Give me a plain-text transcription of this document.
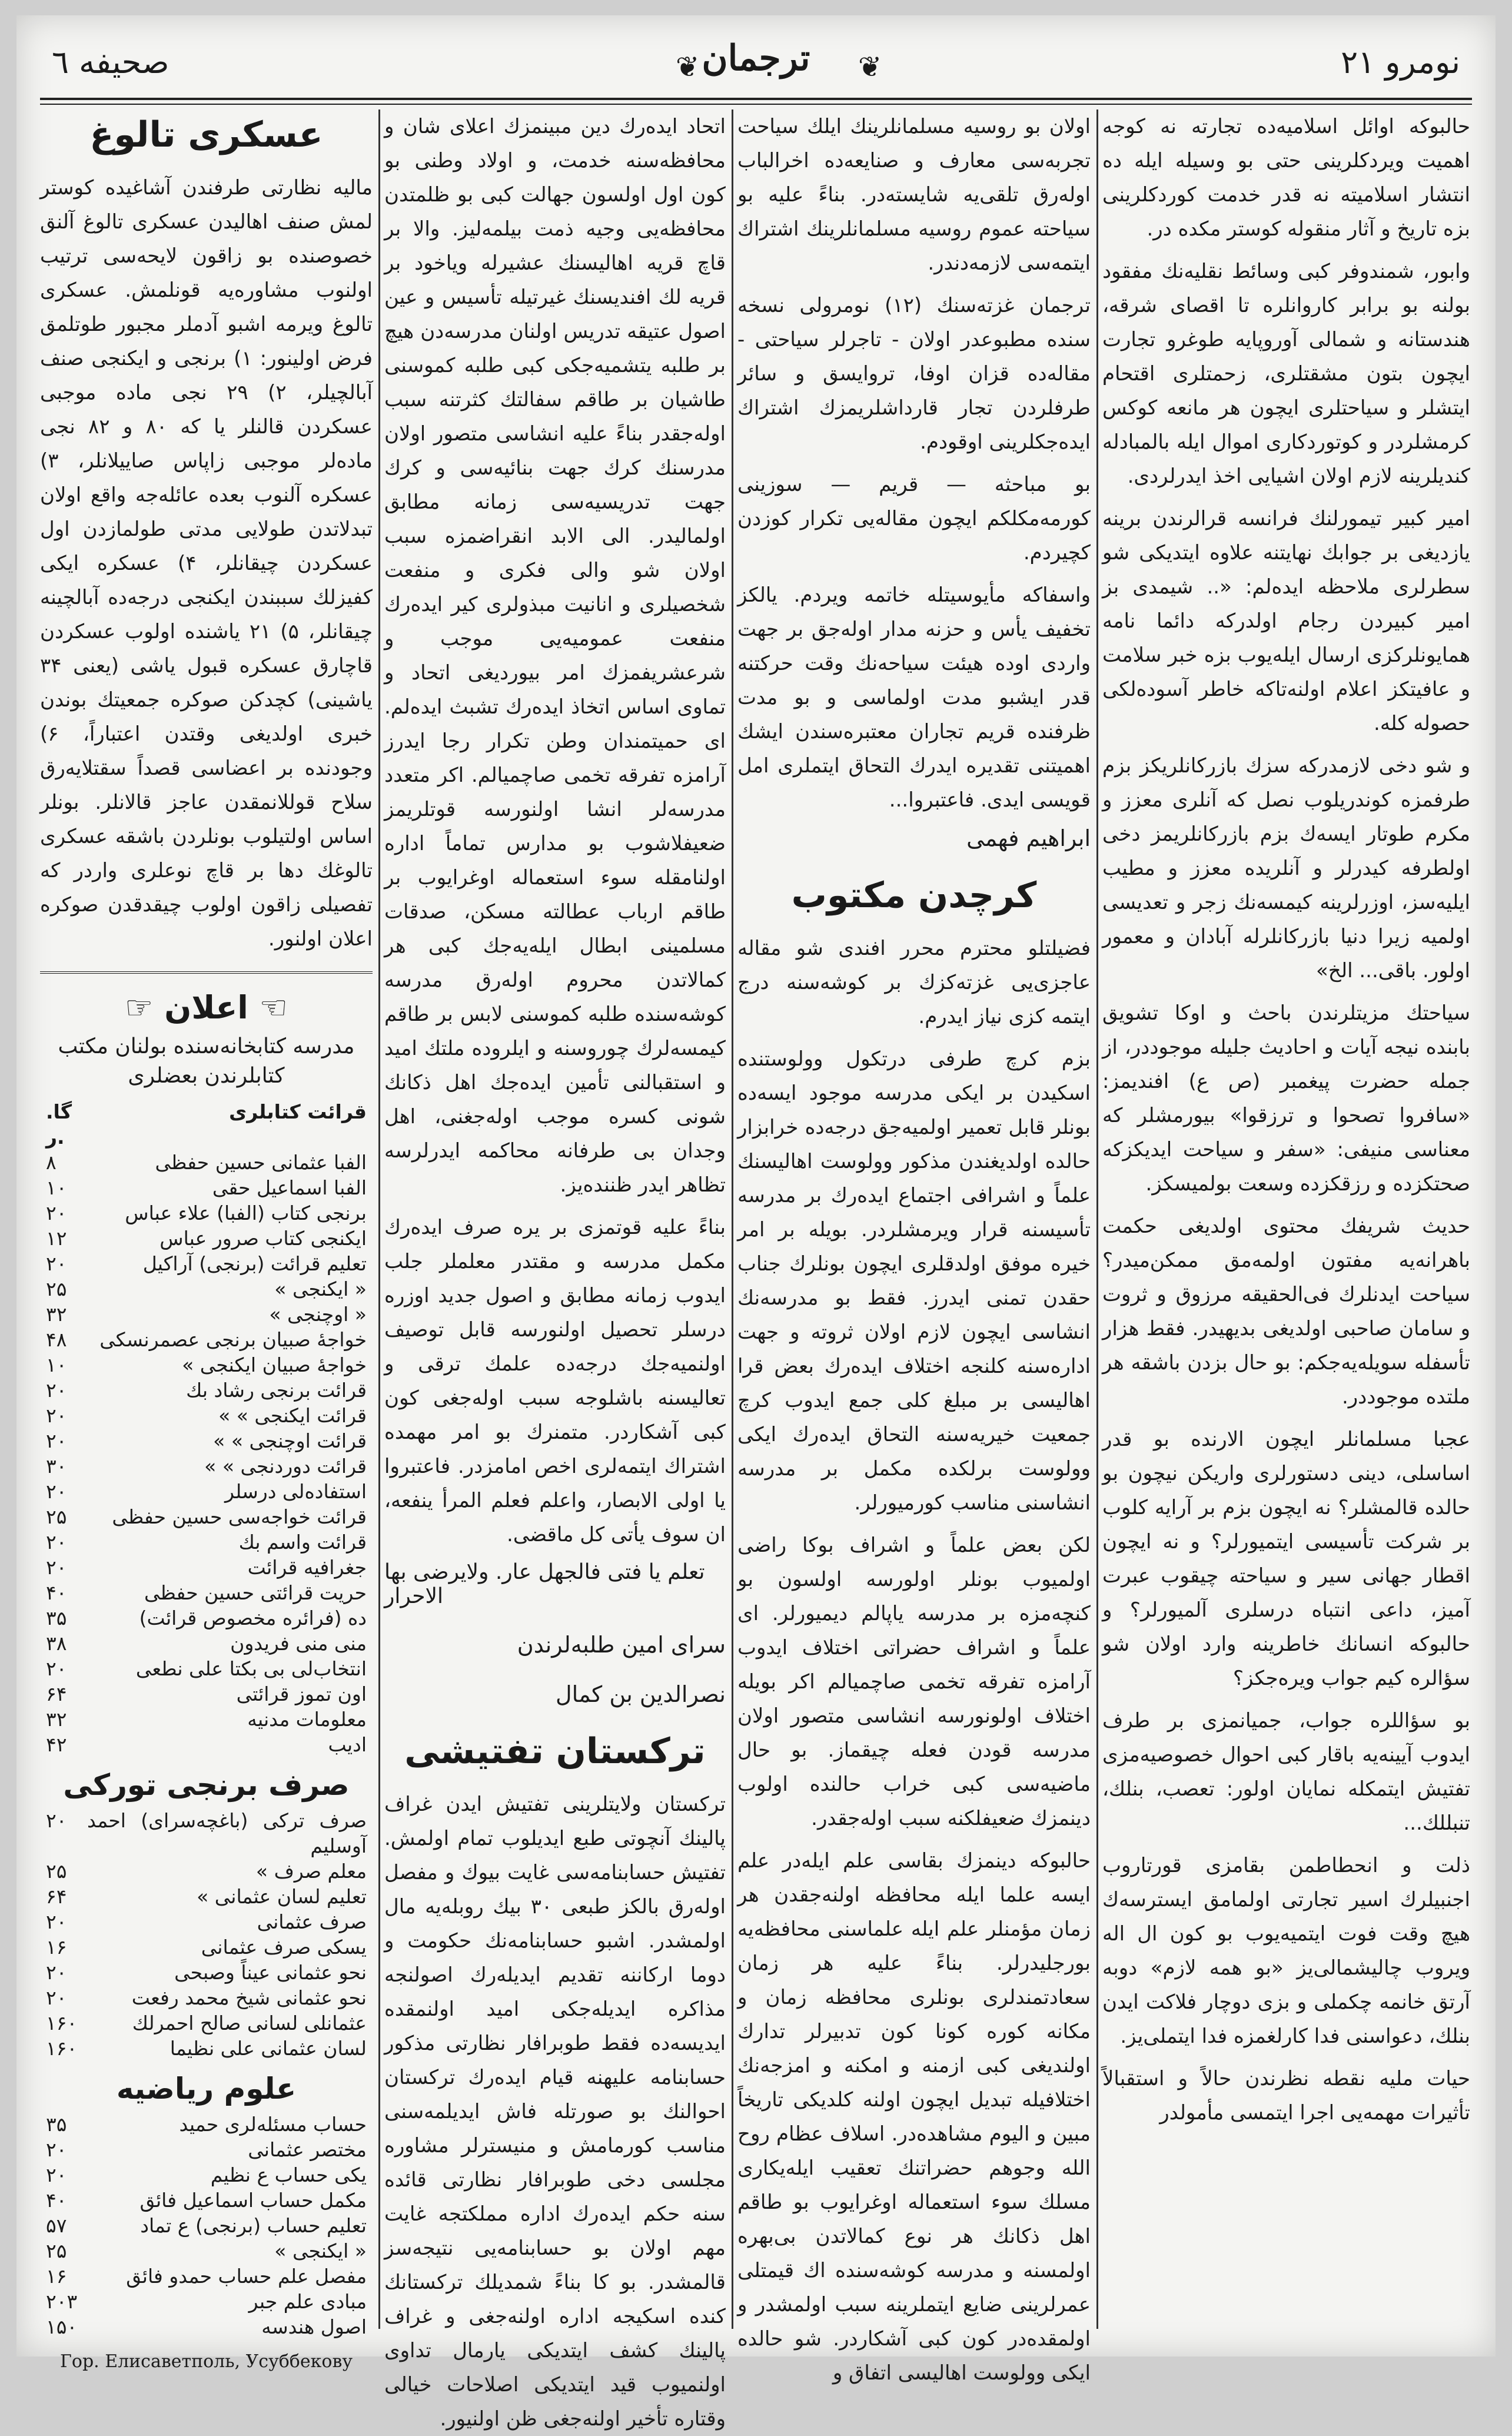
نومرو ۲۱
❦ ترجمان ❦
صحیفه ٦

حالبوکه اوائل اسلامیه‌ده تجارته نه کوجه اهمیت ویردکلرینی حتی بو وسیله ایله ده انتشار اسلامیته نه قدر خدمت کوردکلرینی بزه تاریخ و آثار منقوله کوستر مکده در.

وابور، شمندوفر کبی وسائط نقلیه‌نك مفقود بولنه بو برابر کاروانلره تا اقصای شرقه، هندستانه و شمالی آوروپایه طوغرو تجارت ایچون بتون مشقتلری، زحمتلری اقتحام ایتشلر و سیاحتلری ایچون هر مانعه کوکس کرمشلردر و کوتوردکاری اموال ایله بالمبادله کندیلرینه لازم اولان اشیایی اخذ ایدرلردی.

امیر کبیر تیمورلنك فرانسه قرالرندن برینه یازدیغی بر جوابك نهایتنه علاوه ایتدیکی شو سطرلری ملاحظه ایده‌لم: «.. شیمدی بز امیر کبیردن رجام اولدرکه دائما نامه همایونلرکزی ارسال ایله‌یوب بزه خبر سلامت و عافیتکز اعلام اولنه‌تاکه خاطر آسوده‌لکی حصوله کله.

و شو دخی لازمدرکه سزك بازرکانلریکز بزم طرفمزه کوندریلوب نصل که آنلری معزز و مکرم طوتار ایسه‌ك بزم بازرکانلریمز دخی اولطرفه کیدرلر و آنلریده معزز و مطیب ایلیه‌سز، اوزرلرینه کیمسه‌نك زجر و تعدیسی اولمیه زیرا دنیا بازرکانلرله آبادان و معمور اولور. باقی... الخ»

سیاحتك مزیتلرندن باحث و اوکا تشویق بابنده نیجه آیات و احادیث جلیله موجوددر، از جمله حضرت پیغمبر (ص ع) افندیمز: «سافروا تصحوا و ترزقوا» بیورمشلر که معناسی منیفی: «سفر و سیاحت ایدیکزکه صحتکزده و رزقکزده وسعت بولمیسکز.

حدیث شریفك محتوی اولدیغی حکمت باهرانه‌یه مفتون اولمه‌مق ممکن‌میدر؟ سیاحت ایدنلرك فی‌الحقیقه مرزوق و ثروت و سامان صاحبی اولدیغی بدیهیدر. فقط هزار تأسفله سویله‌یه‌جکم: بو حال بزدن باشقه هر ملتده موجوددر.

عجبا مسلمانلر ایچون الارنده بو قدر اساسلی، دینی دستورلری واریکن نیچون بو حالده قالمشلر؟ نه ایچون بزم بر آرایه کلوب بر شرکت تأسیسی ایتمیورلر؟ و نه ایچون اقطار جهانی سیر و سیاحته چیقوب عبرت آمیز، داعی انتباه درسلری آلمیورلر؟ و حالبوکه انسانك خاطرینه وارد اولان شو سؤالره کیم جواب ویره‌جکز؟

بو سؤاللره جواب، جمیانمزی بر طرف ایدوب آیینه‌یه باقار کبی احوال خصوصیه‌مزی تفتیش ایتمکله نمایان اولور: تعصب، بنلك، تنبللك...

ذلت و انحطاطمن بقامزی قورتاروب اجنبیلرك اسیر تجارتی اولمامق ایسترسه‌ك هیچ وقت فوت ایتمیه‌یوب بو کون ال اله ویروب چالیشمالی‌یز «بو همه لازم» دوبه آرتق خانمه چکملی و بزی دوچار فلاکت ایدن بنلك، دعواسنی فدا کارلغمزه فدا ایتملی‌یز.

حیات ملیه نقطه نظرندن حالاً و استقبالاً تأثیرات مهمه‌یی اجرا ایتمسی مأمولدر

اولان بو روسیه مسلمانلرینك ایلك سیاحت تجربه‌سی معارف و صنایعه‌ده اخرالباب اوله‌رق تلقی‌یه شایسته‌در. بناءً علیه بو سیاحته عموم روسیه مسلمانلرینك اشتراك ایتمه‌سی لازمه‌دندر.

ترجمان غزته‌سنك (۱۲) نومرولی نسخه سنده مطبوعدر اولان - تاجرلر سیاحتی - مقاله‌ده قزان اوفا، تروایسق و سائر طرفلردن تجار قارداشلریمزك اشتراك ایده‌جکلرینی اوقودم.

بو مباحثه — قریم — سوزینی کورمه‌مکلکم ایچون مقاله‌یی تکرار کوزدن کچیردم.

واسفاکه مأیوسیتله خاتمه ویردم. یالکز تخفیف یأس و حزنه مدار اوله‌جق بر جهت واردی اوده هیئت سیاحه‌نك وقت حرکتنه قدر ایشبو مدت اولماسی و بو مدت ظرفنده قریم تجاران معتبره‌سندن ایشك اهمیتنی تقدیره ایدرك التحاق ایتملری امل قویسی ایدی. فاعتبروا...

ابراهیم فهمی
کرچدن مکتوب

فضیلتلو محترم محرر افندی شو مقاله عاجزی‌یی غزته‌کزك بر کوشه‌سنه درج ایتمه کزی نیاز ایدرم.

بزم کرچ طرفی درتکول وولوستنده اسکیدن بر ایکی مدرسه موجود ایسه‌ده بونلر قابل تعمیر اولمیه‌جق درجه‌ده خرابزار حالده اولدیغندن مذکور وولوست اهالیسنك علماً و اشرافی اجتماع ایده‌رك بر مدرسه تأسیسنه قرار ویرمشلردر. بویله بر امر خیره موفق اولدقلری ایچون بونلرك جناب حقدن تمنی ایدرز. فقط بو مدرسه‌نك انشاسی ایچون لازم اولان ثروته و جهت اداره‌سنه کلنجه اختلاف ایده‌رك بعض قرا اهالیسی بر مبلغ کلی جمع ایدوب کرچ جمعیت خیریه‌سنه التحاق ایده‌رك ایکی وولوست برلکده مکمل بر مدرسه انشاسنی مناسب کورمیورلر.

لکن بعض علماً و اشراف بوکا راضی اولمیوب بونلر اولورسه اولسون بو کنچه‌مزه بر مدرسه یاپالم دیمیورلر. ای علماً و اشراف حضراتی اختلاف ایدوب آرامزه تفرقه تخمی صاچمیالم اکر بویله اختلاف اولونورسه انشاسی متصور اولان مدرسه قودن فعله چیقماز. بو حال ماضیه‌سی کبی خراب حالنده اولوب دینمزك ضعیفلکنه سبب اوله‌جقدر.

حالبوکه دینمزك بقاسی علم ایله‌در علم ایسه علما ایله محافظه اولنه‌جقدن هر زمان مؤمنلر علم ایله علماسنی محافظه‌یه بورجلیدرلر. بناءً علیه هر زمان سعادتمندلری بونلری محافظه زمان و مکانه کوره کونا کون تدبیرلر تدارك اولندیغی کبی ازمنه و امکنه و امزجه‌نك اختلافیله تبدیل ایچون اولنه کلدیکی تاریخاً مبین و الیوم مشاهده‌در. اسلاف عظام روح الله وجوهم حضراتنك تعقیب ایله‌یکاری مسلك سوء استعماله اوغرایوب بو طاقم اهل ذکانك هر نوع کمالاتدن بی‌بهره اولمسنه و مدرسه کوشه‌سنده اك قیمتلی عمرلرینی ضایع ایتملرینه سبب اولمشدر و اولمقده‌در کون کبی آشکاردر. شو حالده ایکی وولوست اهالیسی اتفاق و

اتحاد ایده‌رك دین مبینمزك اعلای شان و محافظه‌سنه خدمت، و اولاد وطنی بو کون اول اولسون جهالت کبی بو ظلمتدن محافظه‌یی وجیه ذمت بیلمه‌لیز. والا بر قاچ قریه اهالیسنك عشیرله ویاخود بر قریه لك افندیسنك غیرتیله تأسیس و عین اصول عتیقه تدریس اولنان مدرسه‌دن هیچ بر طلبه یتشمیه‌جکی کبی طلبه کموسنی طاشیان بر طاقم سفالتك کثرتنه سبب اوله‌جقدر بناءً علیه انشاسی متصور اولان مدرسنك کرك جهت بنائیه‌سی و کرك جهت تدریسیه‌سی زمانه مطابق اولمالیدر. الی الابد انقراضمزه سبب اولان شو والی فکری و منفعت شخصیلری و انانیت مبذولری کیر ایده‌رك منفعت عمومیه‌یی موجب و شرعشریفمزك امر بیوردیغی اتحاد و تماوی اساس اتخاذ ایده‌رك تشبث ایده‌لم. ای حمیتمندان وطن تکرار رجا ایدرز آرامزه تفرقه تخمی صاچمیالم. اکر متعدد مدرسه‌لر انشا اولنورسه قوتلریمز ضعیفلاشوب بو مدارس تماماً اداره اولنامقله سوء استعماله اوغرایوب بر طاقم ارباب عطالته مسکن، صدقات مسلمینی ابطال ایله‌یه‌جك کبی هر کمالاتدن محروم اوله‌رق مدرسه کوشه‌سنده طلبه کموسنی لابس بر طاقم کیمسه‌لرك چوروسنه و ایلروده ملتك امید و استقبالنی تأمین ایده‌جك اهل ذکانك شونی کسره موجب اوله‌جغنی، اهل وجدان بی طرفانه محاکمه ایدرلرسه تظاهر ایدر ظننده‌یز.

بناءً علیه قوتمزی بر یره صرف ایده‌رك مکمل مدرسه و مقتدر معلملر جلب ایدوب زمانه مطابق و اصول جدید اوزره درسلر تحصیل اولنورسه قابل توصیف اولنمیه‌جك درجه‌ده علمك ترقی و تعالیسنه باشلوجه سبب اوله‌جغی کون کبی آشکاردر. متمنرك بو امر مهمده اشتراك ایتمه‌لری اخص امامزدر. فاعتبروا یا اولی الابصار، واعلم فعلم المرأ ینفعه، ان سوف یأتی کل ماقضی.

تعلم یا فتی فالجهل عار. ولایرضی بها الاحرار
سرای امین طلبه‌لرندن
نصرالدین بن کمال
ترکستان تفتیشی

ترکستان ولایتلرینی تفتیش ایدن غراف پالینك آنچوتی طبع ایدیلوب تمام اولمش. تفتیش حسابنامه‌سی غایت بیوك و مفصل اوله‌رق بالکز طبعی ۳۰ بیك روبله‌یه مال اولمشدر. اشبو حسابنامه‌نك حکومت و دوما ارکاننه تقدیم ایدیله‌رك اصولنجه مذاکره ایدیله‌جکی امید اولنمقده ایدیسه‌ده فقط طوبرافار نظارتی مذکور حسابنامه علیهنه قیام ایده‌رك ترکستان احوالنك بو صورتله فاش ایدیلمه‌سنی مناسب کورمامش و منیسترلر مشاوره مجلسی دخی طوبرافار نظارتی قائده سنه حکم ایده‌رك اداره مملکتجه غایت مهم اولان بو حسابنامه‌یی نتیجه‌سز قالمشدر. بو کا بناءً شمدیلك ترکستانك کنده اسکیجه اداره اولنه‌جغی و غراف پالینك کشف ایتدیکی یارمال تداوی اولنمیوب قید ایتدیکی اصلاحات خیالی وقتاره تأخیر اولنه‌جغی ظن اولنیور.

عسکری تالوغ

مالیه نظارتی طرفندن آشاغیده کوستر لمش صنف اهالیدن عسکری تالوغ آلنق خصوصنده بو زاقون لایحه‌سی ترتیب اولنوب مشاوره‌یه قونلمش. عسکری تالوغ ویرمه اشبو آدملر مجبور طوتلمق فرض اولینور: ۱) برنجی و ایکنجی صنف آبالچیلر، ۲) ۲۹ نجی ماده موجبی عسکردن قالنلر یا که ۸۰ و ۸۲ نجی ماده‌لر موجبی زاپاس صاییلانلر، ۳) عسکره آلنوب بعده عائله‌جه واقع اولان تبدلاتدن طولایی مدتی طولمازدن اول عسکردن چیقانلر، ۴) عسکره ایکی کفیزلك سببندن ایکنجی درجه‌ده آبالچینه چیقانلر، ۵) ۲۱ یاشنده اولوب عسکردن قاچارق عسکره قبول یاشی (یعنی ۳۴ یاشینی) کچدکن صوکره جمعیتك بوندن خبری اولدیغی وقتدن اعتباراً، ۶) وجودنده بر اعضاسی قصداً سقتلایه‌رق سلاح قوللانمقدن عاجز قالانلر. بونلر اساس اولتیلوب بونلردن باشقه عسکری تالوغك دها بر قاچ نوعلری واردر که تفصیلی زاقون اولوب چیقدقدن صوکره اعلان اولنور.

☜ اعلان ☞
مدرسه کتابخانه‌سنده بولنان مکتب کتابلرندن بعضلری
قرائت کتابلری
گا. ر.
الفبا عثمانی حسین حفظی
۸
الفبا اسماعیل حقی
۱۰
برنجی کتاب (الفبا) علاء عباس
۲۰
ایکنجی کتاب صرور عباس
۱۲
تعلیم قرائت (برنجی) آراکیل
۲۰
« ایکنجی »
۲۵
« اوچنجی »
۳۲
خواجۀ صبیان برنجی عصمرنسکی
۴۸
خواجۀ صبیان ایکنجی »
۱۰
قرائت برنجی رشاد بك
۲۰
قرائت ایکنجی » »
۲۰
قرائت اوچنجی » »
۲۰
قرائت دوردنجی » »
۳۰
استفاده‌لی درسلر
۲۰
قرائت خواجه‌سی حسین حفظی
۲۵
قرائت واسم بك
۲۰
جغرافیه قرائت
۲۰
حریت قرائتی حسین حفظی
۴۰
ده (فرائره مخصوص قرائت)
۳۵
منی منی فریدون
۳۸
انتخاب‌لی بی بکتا علی نطعی
۲۰
اون تموز قرائتی
۶۴
معلومات مدنیه
۳۲
ادیب
۴۲
صرف برنجی تورکی
صرف ترکی (باغچه‌سرای) احمد آوسلیم
۲۰
معلم صرف »
۲۵
تعلیم لسان عثمانی »
۶۴
صرف عثمانی
۲۰
یسکی صرف عثمانی
۱۶
نحو عثمانی عیناً وصبحی
۲۰
نحو عثمانی شیخ محمد رفعت
۲۰
عثمانلی لسانی صالح احمرلك
۱۶۰
لسان عثمانی علی نظیما
۱۶۰
علوم ریاضیه
حساب مسئله‌لری حمید
۳۵
مختصر عثمانی
۲۰
یکی حساب ع نظیم
۲۰
مکمل حساب اسماعیل فائق
۴۰
تعلیم حساب (برنجی) ع تماد
۵۷
« ایکنجی »
۲۵
مفصل علم حساب حمدو فائق
۱۶
مبادی علم جبر
۲۰۳
اصول هندسه
۱۵۰
Гор. Елисаветполь, Усуббекову
